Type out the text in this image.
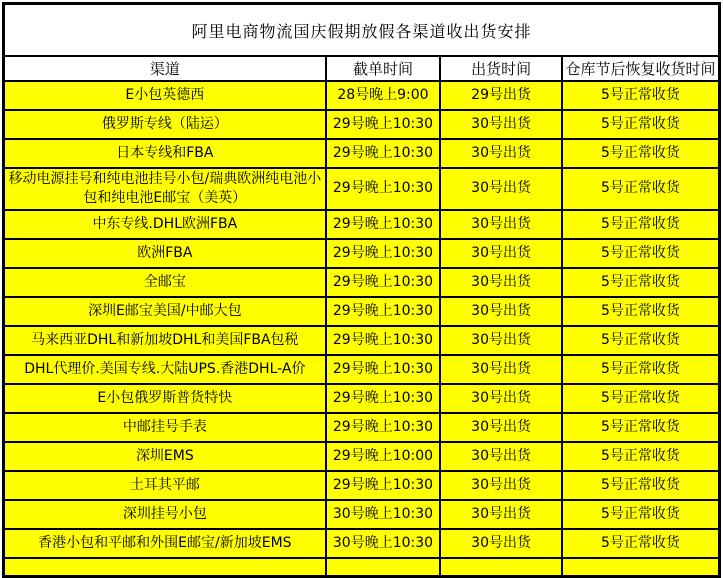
阿里电商物流国庆假期放假各渠道收出货安排			
渠道	截单时间	出货时间	仓库节后恢复收货时间
E小包英德西	28号晚上9:00	29号出货	5号正常收货
俄罗斯专线（陆运）	29号晚上10:30	30号出货	5号正常收货
日本专线和FBA	29号晚上10:30	30号出货	5号正常收货
移动电源挂号和纯电池挂号小包/瑞典欧洲纯电池小包和纯电池E邮宝（美英）	29号晚上10:30	30号出货	5号正常收货
中东专线.DHL欧洲FBA	29号晚上10:30	30号出货	5号正常收货
欧洲FBA	29号晚上10:30	30号出货	5号正常收货
全邮宝	29号晚上10:30	30号出货	5号正常收货
深圳E邮宝美国/中邮大包	29号晚上10:30	30号出货	5号正常收货
马来西亚DHL和新加坡DHL和美国FBA包税	29号晚上10:30	30号出货	5号正常收货
DHL代理价.美国专线.大陆UPS.香港DHL-A价	29号晚上10:30	30号出货	5号正常收货
E小包俄罗斯普货特快	29号晚上10:30	30号出货	5号正常收货
中邮挂号手表	29号晚上10:30	30号出货	5号正常收货
深圳EMS	29号晚上10:00	30号出货	5号正常收货
土耳其平邮	29号晚上10:30	30号出货	5号正常收货
深圳挂号小包	30号晚上10:30	30号出货	5号正常收货
香港小包和平邮和外围E邮宝/新加坡EMS	30号晚上10:30	30号出货	5号正常收货
